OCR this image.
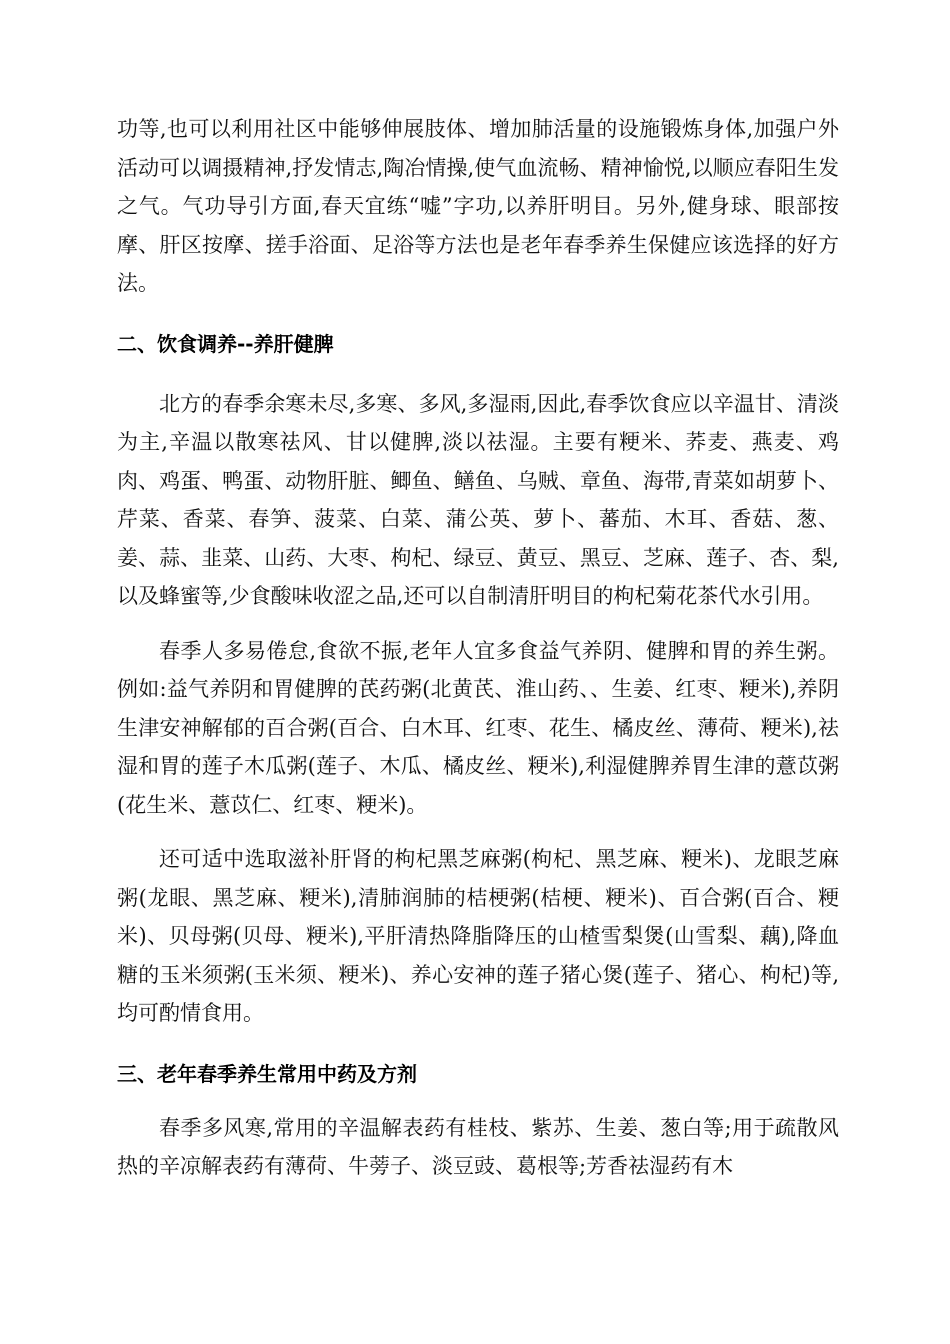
功等,也可以利用社区中能够伸展肢体、增加肺活量的设施锻炼身体,加强户外活动可以调摄精神,抒发情志,陶冶情操,使气血流畅、精神愉悦,以顺应春阳生发之气。气功导引方面,春天宜练“嘘”字功,以养肝明目。另外,健身球、眼部按摩、肝区按摩、搓手浴面、足浴等方法也是老年春季养生保健应该选择的好方法。

二、饮食调养--养肝健脾

北方的春季余寒未尽,多寒、多风,多湿雨,因此,春季饮食应以辛温甘、清淡为主,辛温以散寒祛风、甘以健脾,淡以祛湿。主要有粳米、荞麦、燕麦、鸡肉、鸡蛋、鸭蛋、动物肝脏、鲫鱼、鳝鱼、乌贼、章鱼、海带,青菜如胡萝卜、芹菜、香菜、春笋、菠菜、白菜、蒲公英、萝卜、蕃茄、木耳、香菇、葱、姜、蒜、韭菜、山药、大枣、枸杞、绿豆、黄豆、黑豆、芝麻、莲子、杏、梨,以及蜂蜜等,少食酸味收涩之品,还可以自制清肝明目的枸杞菊花茶代水引用。

春季人多易倦怠,食欲不振,老年人宜多食益气养阴、健脾和胃的养生粥。例如:益气养阴和胃健脾的芪药粥(北黄芪、淮山药、、生姜、红枣、粳米),养阴生津安神解郁的百合粥(百合、白木耳、红枣、花生、橘皮丝、薄荷、粳米),祛湿和胃的莲子木瓜粥(莲子、木瓜、橘皮丝、粳米),利湿健脾养胃生津的薏苡粥(花生米、薏苡仁、红枣、粳米)。

还可适中选取滋补肝肾的枸杞黑芝麻粥(枸杞、黑芝麻、粳米)、龙眼芝麻粥(龙眼、黑芝麻、粳米),清肺润肺的桔梗粥(桔梗、粳米)、百合粥(百合、粳米)、贝母粥(贝母、粳米),平肝清热降脂降压的山楂雪梨煲(山雪梨、藕),降血糖的玉米须粥(玉米须、粳米)、养心安神的莲子猪心煲(莲子、猪心、枸杞)等,均可酌情食用。

三、老年春季养生常用中药及方剂

春季多风寒,常用的辛温解表药有桂枝、紫苏、生姜、葱白等;用于疏散风热的辛凉解表药有薄荷、牛蒡子、淡豆豉、葛根等;芳香祛湿药有木
